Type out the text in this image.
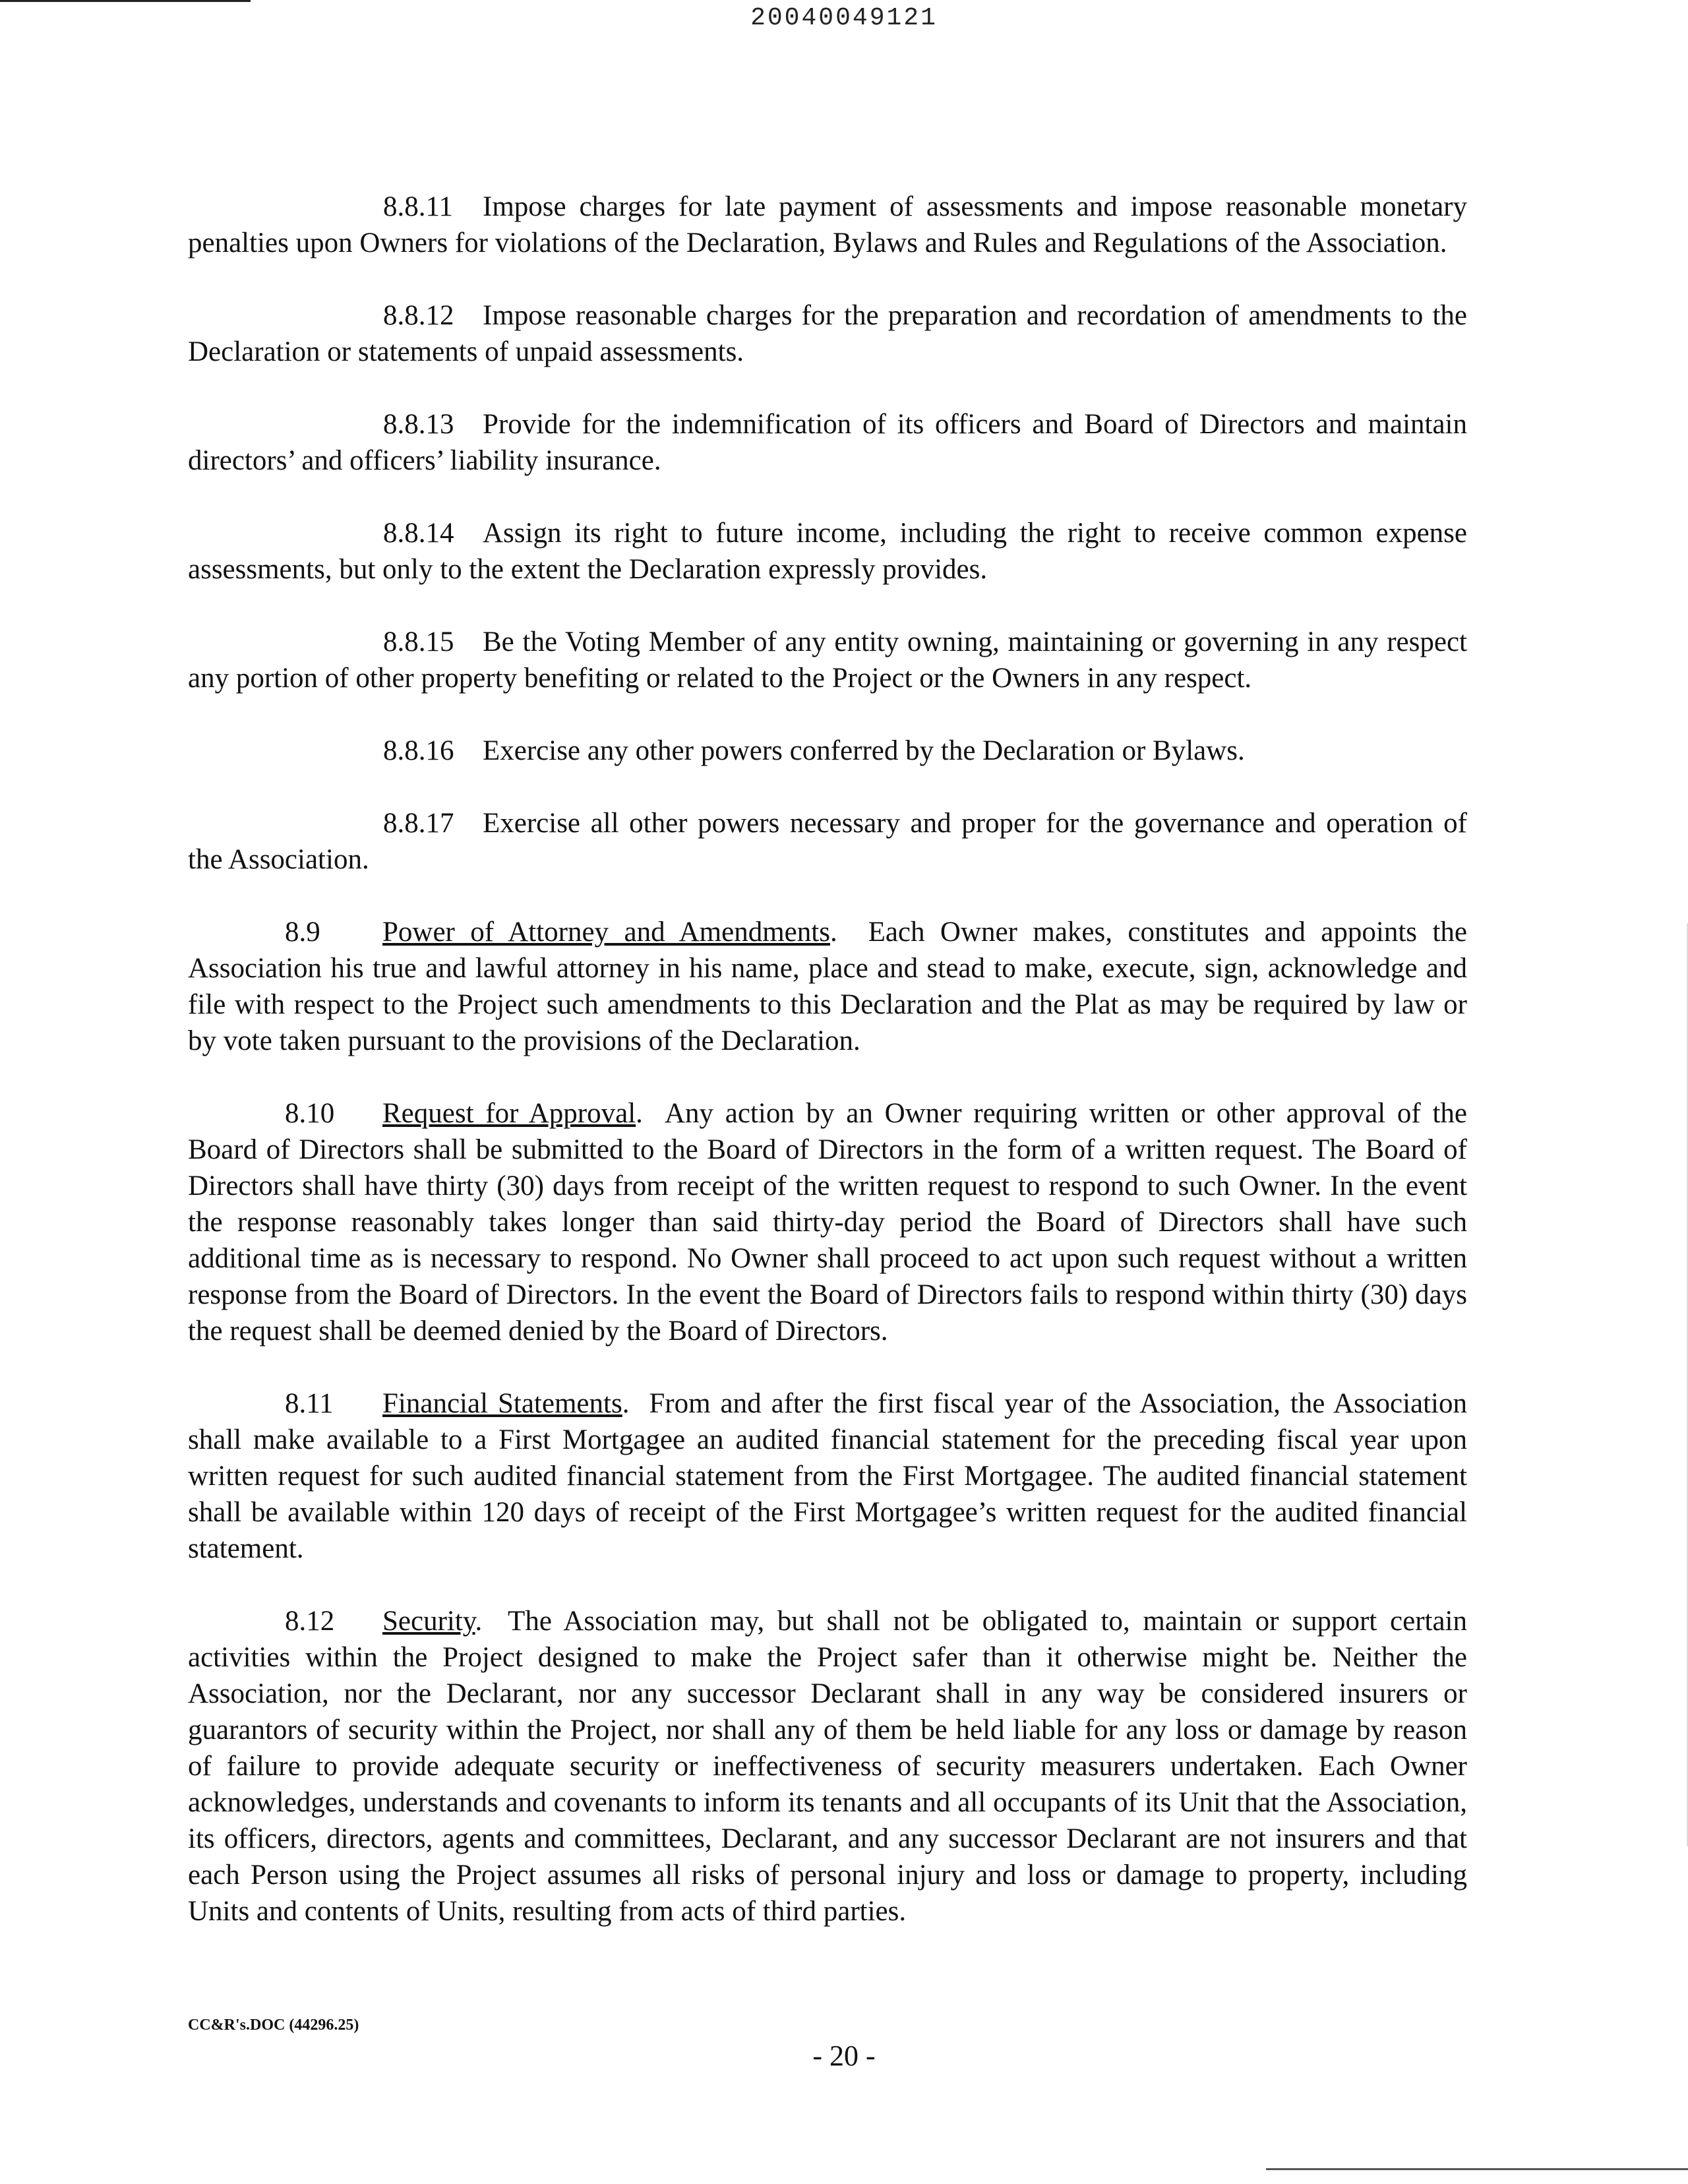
20040049121

8.8.11 Impose charges for late payment of assessments and impose reasonable monetary penalties upon Owners for violations of the Declaration, Bylaws and Rules and Regulations of the Association.

8.8.12 Impose reasonable charges for the preparation and recordation of amendments to the Declaration or statements of unpaid assessments.

8.8.13 Provide for the indemnification of its officers and Board of Directors and maintain directors’ and officers’ liability insurance.

8.8.14 Assign its right to future income, including the right to receive common expense assessments, but only to the extent the Declaration expressly provides.

8.8.15 Be the Voting Member of any entity owning, maintaining or governing in any respect any portion of other property benefiting or related to the Project or the Owners in any respect.

8.8.16 Exercise any other powers conferred by the Declaration or Bylaws.

8.8.17 Exercise all other powers necessary and proper for the governance and operation of the Association.

8.9 Power of Attorney and Amendments.  Each Owner makes, constitutes and appoints the Association his true and lawful attorney in his name, place and stead to make, execute, sign, acknowledge and file with respect to the Project such amendments to this Declaration and the Plat as may be required by law or by vote taken pursuant to the provisions of the Declaration.

8.10 Request for Approval.  Any action by an Owner requiring written or other approval of the Board of Directors shall be submitted to the Board of Directors in the form of a written request. The Board of Directors shall have thirty (30) days from receipt of the written request to respond to such Owner. In the event the response reasonably takes longer than said thirty-day period the Board of Directors shall have such additional time as is necessary to respond. No Owner shall proceed to act upon such request without a written response from the Board of Directors. In the event the Board of Directors fails to respond within thirty (30) days the request shall be deemed denied by the Board of Directors.

8.11 Financial Statements.  From and after the first fiscal year of the Association, the Association shall make available to a First Mortgagee an audited financial statement for the preceding fiscal year upon written request for such audited financial statement from the First Mortgagee. The audited financial statement shall be available within 120 days of receipt of the First Mortgagee’s written request for the audited financial statement.

8.12 Security.  The Association may, but shall not be obligated to, maintain or support certain activities within the Project designed to make the Project safer than it otherwise might be. Neither the Association, nor the Declarant, nor any successor Declarant shall in any way be considered insurers or guarantors of security within the Project, nor shall any of them be held liable for any loss or damage by reason of failure to provide adequate security or ineffectiveness of security measurers undertaken. Each Owner acknowledges, understands and covenants to inform its tenants and all occupants of its Unit that the Association, its officers, directors, agents and committees, Declarant, and any successor Declarant are not insurers and that each Person using the Project assumes all risks of personal injury and loss or damage to property, including Units and contents of Units, resulting from acts of third parties.

CC&R's.DOC (44296.25)
- 20 -
